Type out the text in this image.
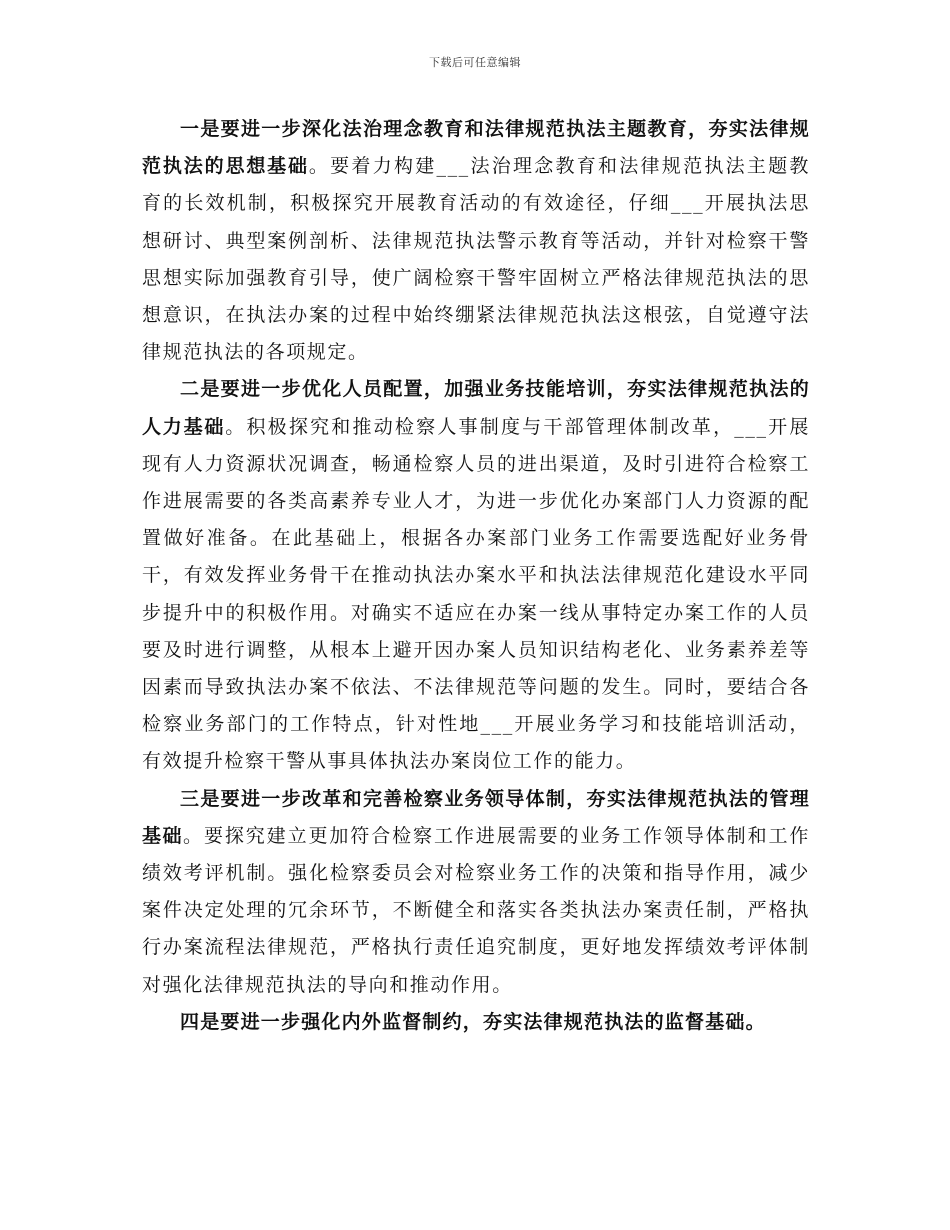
下载后可任意编辑

一是要进一步深化法治理念教育和法律规范执法主题教育，夯实法律规范执法的思想基础。要着力构建___法治理念教育和法律规范执法主题教育的长效机制，积极探究开展教育活动的有效途径，仔细___开展执法思想研讨、典型案例剖析、法律规范执法警示教育等活动，并针对检察干警思想实际加强教育引导，使广阔检察干警牢固树立严格法律规范执法的思想意识，在执法办案的过程中始终绷紧法律规范执法这根弦，自觉遵守法律规范执法的各项规定。

二是要进一步优化人员配置，加强业务技能培训，夯实法律规范执法的人力基础。积极探究和推动检察人事制度与干部管理体制改革，___开展现有人力资源状况调查，畅通检察人员的进出渠道，及时引进符合检察工作进展需要的各类高素养专业人才，为进一步优化办案部门人力资源的配置做好准备。在此基础上，根据各办案部门业务工作需要选配好业务骨干，有效发挥业务骨干在推动执法办案水平和执法法律规范化建设水平同步提升中的积极作用。对确实不适应在办案一线从事特定办案工作的人员要及时进行调整，从根本上避开因办案人员知识结构老化、业务素养差等因素而导致执法办案不依法、不法律规范等问题的发生。同时，要结合各检察业务部门的工作特点，针对性地___开展业务学习和技能培训活动，有效提升检察干警从事具体执法办案岗位工作的能力。

三是要进一步改革和完善检察业务领导体制，夯实法律规范执法的管理基础。要探究建立更加符合检察工作进展需要的业务工作领导体制和工作绩效考评机制。强化检察委员会对检察业务工作的决策和指导作用，减少案件决定处理的冗余环节，不断健全和落实各类执法办案责任制，严格执行办案流程法律规范，严格执行责任追究制度，更好地发挥绩效考评体制对强化法律规范执法的导向和推动作用。

四是要进一步强化内外监督制约，夯实法律规范执法的监督基础。
